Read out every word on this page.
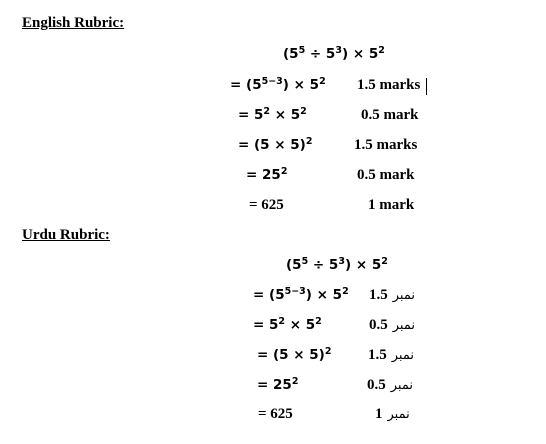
English Rubric:
$(5^5 \div 5^3) \times 5^2$
= $(5^{5-3}) \times 5^2$ 1.5 marks
= $5^2 \times 5^2$	0.5 mark
= $(5 \times 5)^2$	1.5 marks
= $25^2$	0.5 mark
= 625	1 mark
Urdu Rubric:
$(5^5 \div 5^3) \times 5^2$
= $(5^{5-3}) \times 5^2$ 1.5 نمبر
= $5^2 \times 5^2$	0.5 نمبر
= $(5 \times 5)^2$ 1.5 نمبر
= $25^2$	0.5 نمبر
= 625	1 نمبر
